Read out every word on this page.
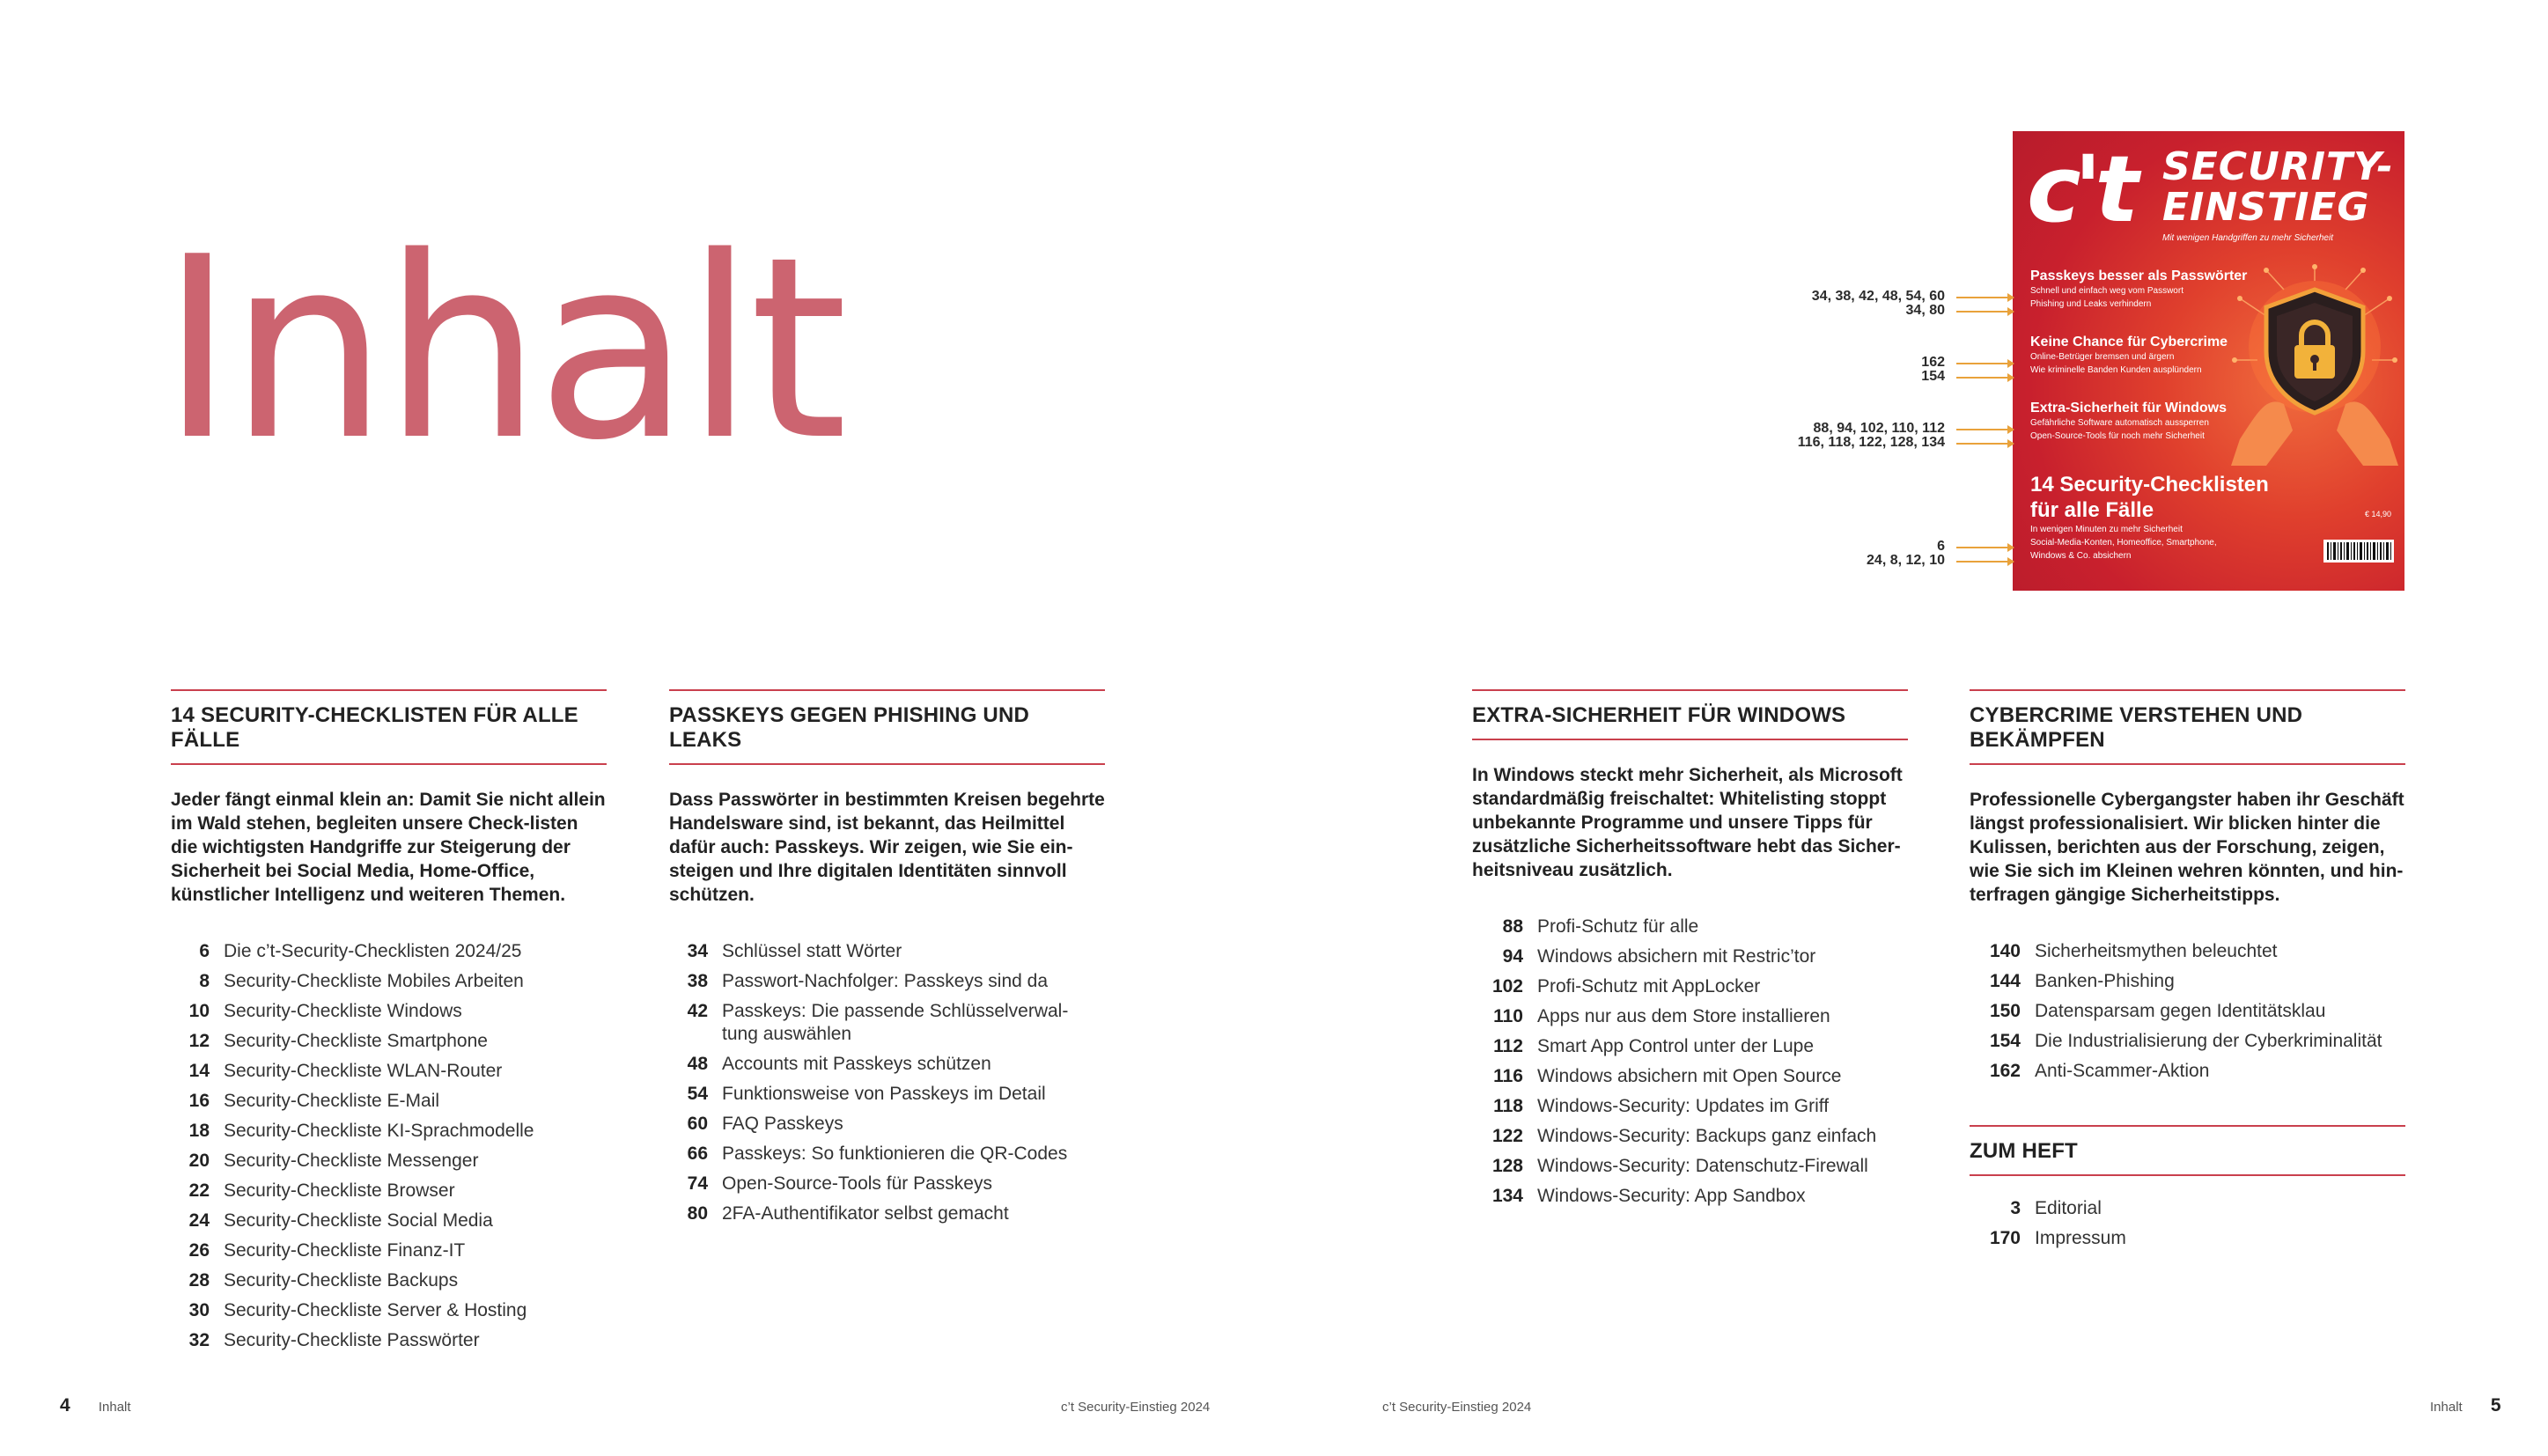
Inhalt
c't SECURITY-
EINSTIEG
Mit wenigen Handgriffen zu mehr Sicherheit
Passkeys besser als Passwörter
Schnell und einfach weg vom Passwort
Phishing und Leaks verhindern
Keine Chance für Cybercrime
Online-Betrüger bremsen und ärgern
Wie kriminelle Banden Kunden ausplündern
Extra-Sicherheit für Windows
Gefährliche Software automatisch aussperren
Open-Source-Tools für noch mehr Sicherheit
14 Security-Checklisten
für alle Fälle
In wenigen Minuten zu mehr Sicherheit
Social-Media-Konten, Homeoffice, Smartphone,
Windows & Co. absichern
€ 14,90
34, 38, 42, 48, 54, 60
34, 80
162
154
88, 94, 102, 110, 112
116, 118, 122, 128, 134
6
24, 8, 12, 10
14 SECURITY-CHECKLISTEN FÜR ALLE FÄLLE
Jeder fängt einmal klein an: Damit Sie nicht allein im Wald stehen, begleiten unsere Check-listen die wichtigsten Handgriffe zur Steigerung der Sicherheit bei Social Media, Home-Office, künstlicher Intelligenz und weiteren Themen.
6 Die c’t-Security-Checklisten 2024/25
8 Security-Checkliste Mobiles Arbeiten
10 Security-Checkliste Windows
12 Security-Checkliste Smartphone
14 Security-Checkliste WLAN-Router
16 Security-Checkliste E-Mail
18 Security-Checkliste KI-Sprachmodelle
20 Security-Checkliste Messenger
22 Security-Checkliste Browser
24 Security-Checkliste Social Media
26 Security-Checkliste Finanz-IT
28 Security-Checkliste Backups
30 Security-Checkliste Server & Hosting
32 Security-Checkliste Passwörter
PASSKEYS GEGEN PHISHING UND LEAKS
Dass Passwörter in bestimmten Kreisen begehrte Handelsware sind, ist bekannt, das Heilmittel dafür auch: Passkeys. Wir zeigen, wie Sie ein-steigen und Ihre digitalen Identitäten sinnvoll schützen.
34 Schlüssel statt Wörter
38 Passwort-Nachfolger: Passkeys sind da
42 Passkeys: Die passende Schlüsselverwal-tung auswählen
48 Accounts mit Passkeys schützen
54 Funktionsweise von Passkeys im Detail
60 FAQ Passkeys
66 Passkeys: So funktionieren die QR-Codes
74 Open-Source-Tools für Passkeys
80 2FA-Authentifikator selbst gemacht
EXTRA-SICHERHEIT FÜR WINDOWS
In Windows steckt mehr Sicherheit, als Microsoft standardmäßig freischaltet: Whitelisting stoppt unbekannte Programme und unsere Tipps für zusätzliche Sicherheitssoftware hebt das Sicher-heitsniveau zusätzlich.
88 Profi-Schutz für alle
94 Windows absichern mit Restric’tor
102 Profi-Schutz mit AppLocker
110 Apps nur aus dem Store installieren
112 Smart App Control unter der Lupe
116 Windows absichern mit Open Source
118 Windows-Security: Updates im Griff
122 Windows-Security: Backups ganz einfach
128 Windows-Security: Datenschutz-Firewall
134 Windows-Security: App Sandbox
CYBERCRIME VERSTEHEN UND BEKÄMPFEN
Professionelle Cybergangster haben ihr Geschäft längst professionalisiert. Wir blicken hinter die Kulissen, berichten aus der Forschung, zeigen, wie Sie sich im Kleinen wehren könnten, und hin-terfragen gängige Sicherheitstipps.
140 Sicherheitsmythen beleuchtet
144 Banken-Phishing
150 Datensparsam gegen Identitätsklau
154 Die Industrialisierung der Cyberkriminalität
162 Anti-Scammer-Aktion
ZUM HEFT
3 Editorial
170 Impressum
4 Inhalt	c’t Security-Einstieg 2024	c’t Security-Einstieg 2024	Inhalt 5
